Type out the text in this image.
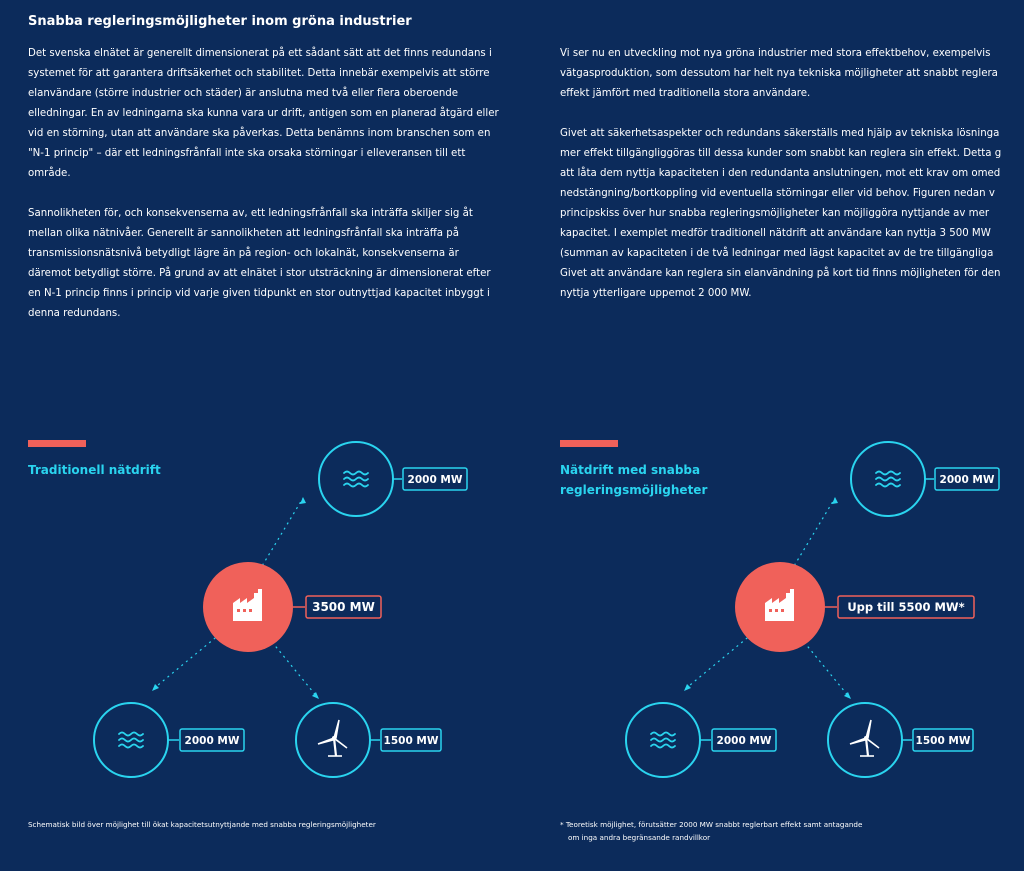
Snabba regleringsmöjligheter inom gröna industrier

Det svenska elnätet är generellt dimensionerat på ett sådant sätt att det finns redundans i
systemet för att garantera driftsäkerhet och stabilitet. Detta innebär exempelvis att större
elanvändare (större industrier och städer) är anslutna med två eller flera oberoende
elledningar. En av ledningarna ska kunna vara ur drift, antigen som en planerad åtgärd eller
vid en störning, utan att användare ska påverkas. Detta benämns inom branschen som en
"N-1 princip" – där ett ledningsfrånfall inte ska orsaka störningar i elleveransen till ett
område.

Sannolikheten för, och konsekvenserna av, ett ledningsfrånfall ska inträffa skiljer sig åt
mellan olika nätnivåer. Generellt är sannolikheten att ledningsfrånfall ska inträffa på
transmissionsnätsnivå betydligt lägre än på region- och lokalnät, konsekvenserna är
däremot betydligt större. På grund av att elnätet i stor utsträckning är dimensionerat efter
en N-1 princip finns i princip vid varje given tidpunkt en stor outnyttjad kapacitet inbyggt i
denna redundans.

Vi ser nu en utveckling mot nya gröna industrier med stora effektbehov, exempelvis
vätgasproduktion, som dessutom har helt nya tekniska möjligheter att snabbt reglera
effekt jämfört med traditionella stora användare.

Givet att säkerhetsaspekter och redundans säkerställs med hjälp av tekniska lösninga
mer effekt tillgängliggöras till dessa kunder som snabbt kan reglera sin effekt. Detta g
att låta dem nyttja kapaciteten i den redundanta anslutningen, mot ett krav om omed
nedstängning/bortkoppling vid eventuella störningar eller vid behov. Figuren nedan v
principskiss över hur snabba regleringsmöjligheter kan möjliggöra nyttjande av mer
kapacitet. I exemplet medför traditionell nätdrift att användare kan nyttja 3 500 MW
(summan av kapaciteten i de två ledningar med lägst kapacitet av de tre tillgängliga
Givet att användare kan reglera sin elanvändning på kort tid finns möjligheten för den
nyttja ytterligare uppemot 2 000 MW.

Traditionell nätdrift
2000 MW
3500 MW
2000 MW	1500 MW
Nätdrift med snabba regleringsmöjligheter
2000 MW
Upp till 5500 MW*
2000 MW	1500 MW
Schematisk bild över möjlighet till ökat kapacitetsutnyttjande med snabba regleringsmöjligheter	* Teoretisk möjlighet, förutsätter 2000 MW snabbt reglerbart effekt samt antagande
om inga andra begränsande randvillkor
